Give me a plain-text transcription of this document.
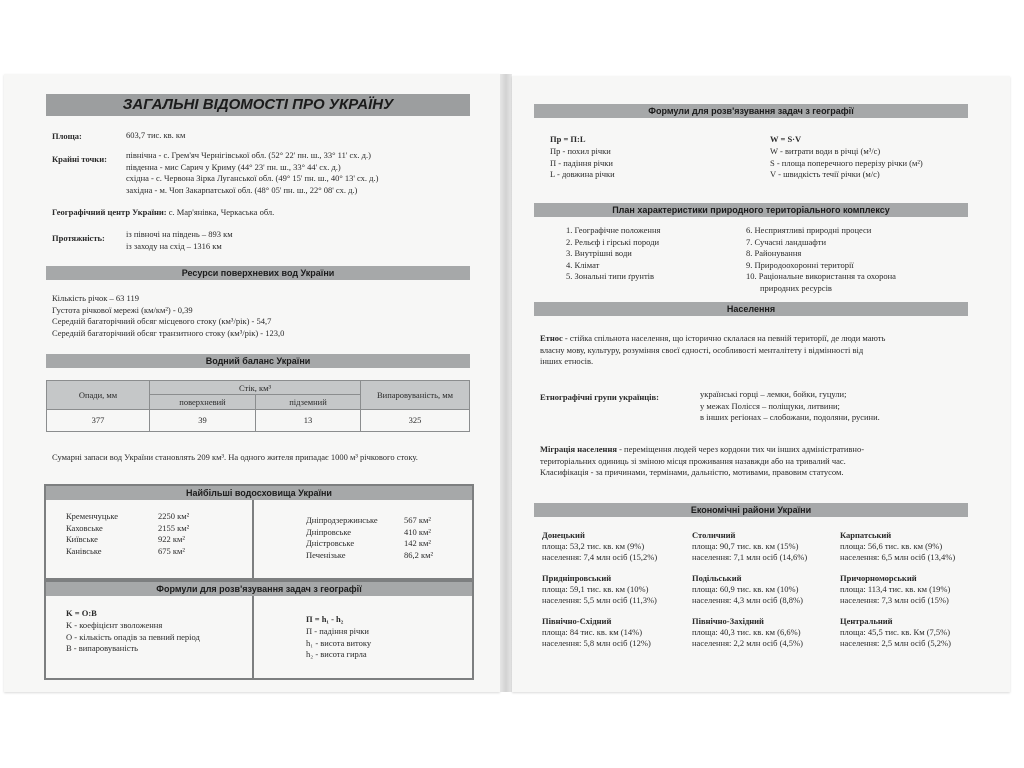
ЗАГАЛЬНІ ВІДОМОСТІ ПРО УКРАЇНУ
Площа:	603,7 тис. кв. км
Крайні точки: північна - с. Грем'яч Чернігівської обл. (52° 22' пн. ш., 33° 11' сх. д.)
південна - мис Сарич у Криму (44° 23' пн. ш., 33° 44' сх. д.)
східна - с. Червона Зірка Луганської обл. (49° 15' пн. ш., 40° 13' сх. д.)
західна - м. Чоп Закарпатської обл. (48° 05' пн. ш., 22° 08' сх. д.)
Географічний центр України: с. Мар'янівка, Черкаська обл.
Протяжність: із півночі на південь – 893 км
із заходу на схід – 1316 км
Ресурси поверхневих вод України
Кількість річок – 63 119
Густота річкової мережі (км/км²) - 0,39
Середній багаторічний обсяг місцевого стоку (км³/рік) - 54,7
Середній багаторічний обсяг транзитного стоку (км³/рік) - 123,0
Водний баланс України
Опади, мм	Стік, км³		Випаровуваність, мм
	поверхневий	підземний	
377	39	13	325
Сумарні запаси вод України становлять 209 км³. На одного жителя припадає 1000 м³ річкового стоку.
Найбільші водосховища України
Кременчуцьке	2250 км²
Каховське	2155 км²
Київське	922 км²
Канівське	675 км²
Дніпродзержинське	567 км²
Дніпровське	410 км²
Дністровське	142 км²
Печенізьке	86,2 км²
Формули для розв'язування задач з географії
K = O:B
K - коефіцієнт зволоження
O - кількість опадів за певний період
B - випаровуваність
П = h₁ - h₂
П - падіння річки
h₁ - висота витоку
h₂ - висота гирла
Формули для розв'язування задач з географії
Пр = П:L
Пр - похил річки
П - падіння річки
L - довжина річки
W = S·V
W - витрати води в річці (м³/с)
S - площа поперечного перерізу річки (м²)
V - швидкість течії річки (м/с)
План характеристики природного територіального комплексу
1. Географічне положення
2. Рельєф і гірські породи
3. Внутрішні води
4. Клімат
5. Зональні типи ґрунтів
6. Несприятливі природні процеси
7. Сучасні ландшафти
8. Районування
9. Природоохоронні території
10. Раціональне використання та охорона
природних ресурсів
Населення
Етнос - стійка спільнота населення, що історично склалася на певній території, де люди мають
власну мову, культуру, розуміння своєї єдності, особливості менталітету і відмінності від
інших етносів.
Етнографічні групи українців:	українські горці – лемки, бойки, гуцули;
у межах Полісся – поліщуки, литвини;
в інших регіонах – слобожани, подоляни, русини.
Міграція населення - переміщення людей через кордони тих чи інших адміністративно-
територіальних одиниць зі зміною місця проживання назавжди або на тривалий час.
Класифікація - за причинами, термінами, дальністю, мотивами, правовим статусом.
Економічні райони України
Донецький
площа: 53,2 тис. кв. км (9%)
населення: 7,4 млн осіб (15,2%)
Столичний
площа: 90,7 тис. кв. км (15%)
населення: 7,1 млн осіб (14,6%)
Карпатський
площа: 56,6 тис. кв. км (9%)
населення: 6,5 млн осіб (13,4%)
Придніпровський
площа: 59,1 тис. кв. км (10%)
населення: 5,5 млн осіб (11,3%)
Подільський
площа: 60,9 тис. кв. км (10%)
населення: 4,3 млн осіб (8,8%)
Причорноморський
площа: 113,4 тис. кв. км (19%)
населення: 7,3 млн осіб (15%)
Північно-Східний
площа: 84 тис. кв. км (14%)
населення: 5,8 млн осіб (12%)
Північно-Західний
площа: 40,3 тис. кв. км (6,6%)
населення: 2,2 млн осіб (4,5%)
Центральний
площа: 45,5 тис. кв. Км (7,5%)
населення: 2,5 млн осіб (5,2%)
